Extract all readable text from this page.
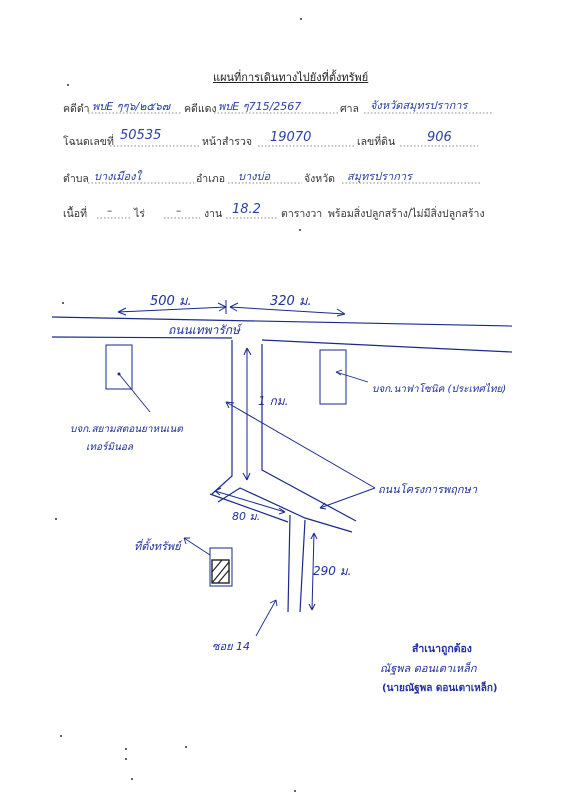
แผนที่การเดินทางไปยังที่ตั้งทรัพย์
คดีดำ พบE ๆๆ๖/๒๕๖๗ คดีแดง พบE ๆ715/2567	ศาล จังหวัดสมุทรปราการ
โฉนดเลขที่ 50535	หน้าสำรวจ 19070	เลขที่ดิน 906
ตำบล บางเมืองใ	อำเภอ บางบ่อ	จังหวัด สมุทรปราการ
เนื้อที่ – ไร่	– งาน 18.2 ตารางวา พร้อมสิ่งปลูกสร้าง/ไม่มีสิ่งปลูกสร้าง
500 ม.	320 ม.
ถนนเทพารักษ์
1 กม.
บจก.สยามสตอนยาหนเนต
เทอร์มินอล
บจก.นาฟาโซนิค (ประเทศไทย)
ถนนโครงการพฤกษา
80 ม.
290 ม.
ที่ตั้งทรัพย์
ซอย 14	สำเนาถูกต้อง
ณัฐพล ดอนเตาเหล็ก
(นายณัฐพล ดอนเตาเหล็ก)
